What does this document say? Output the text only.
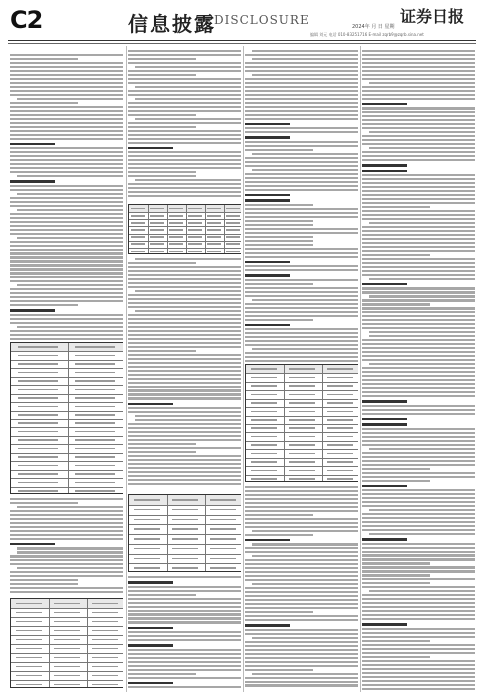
C2	信息披露
DISCLOSURE	证券日报
2024年 月 日 星期
编辑 刘元 电话 010-83251716 E-mail zqrb9@zqrb.sina.net
